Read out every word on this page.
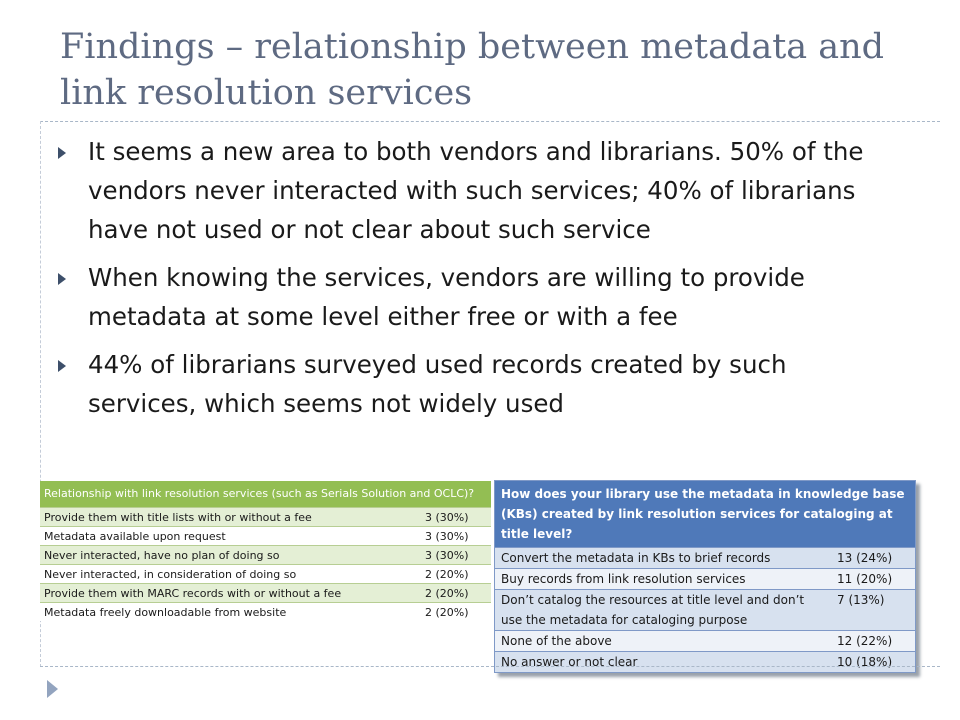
Findings – relationship between metadata and link resolution services
It seems a new area to both vendors and librarians. 50% of the vendors never interacted with such services; 40% of librarians have not used or not clear about such service
When knowing the services, vendors are willing to provide metadata at some level either free or with a fee
44% of librarians surveyed used records created by such services, which seems not widely used
Relationship with link resolution services (such as Serials Solution and OCLC)?	
Provide them with title lists with or without a fee	3 (30%)
Metadata available upon request	3 (30%)
Never interacted, have no plan of doing so	3 (30%)
Never interacted, in consideration of doing so	2 (20%)
Provide them with MARC records with or without a fee	2 (20%)
Metadata freely downloadable from website	2 (20%)
How does your library use the metadata in knowledge base (KBs) created by link resolution services for cataloging at title level?	
Convert the metadata in KBs to brief records	13 (24%)
Buy records from link resolution services	11 (20%)
Don’t catalog the resources at title level and don’t use the metadata for cataloging purpose	7 (13%)
None of the above	12 (22%)
No answer or not clear	10 (18%)
